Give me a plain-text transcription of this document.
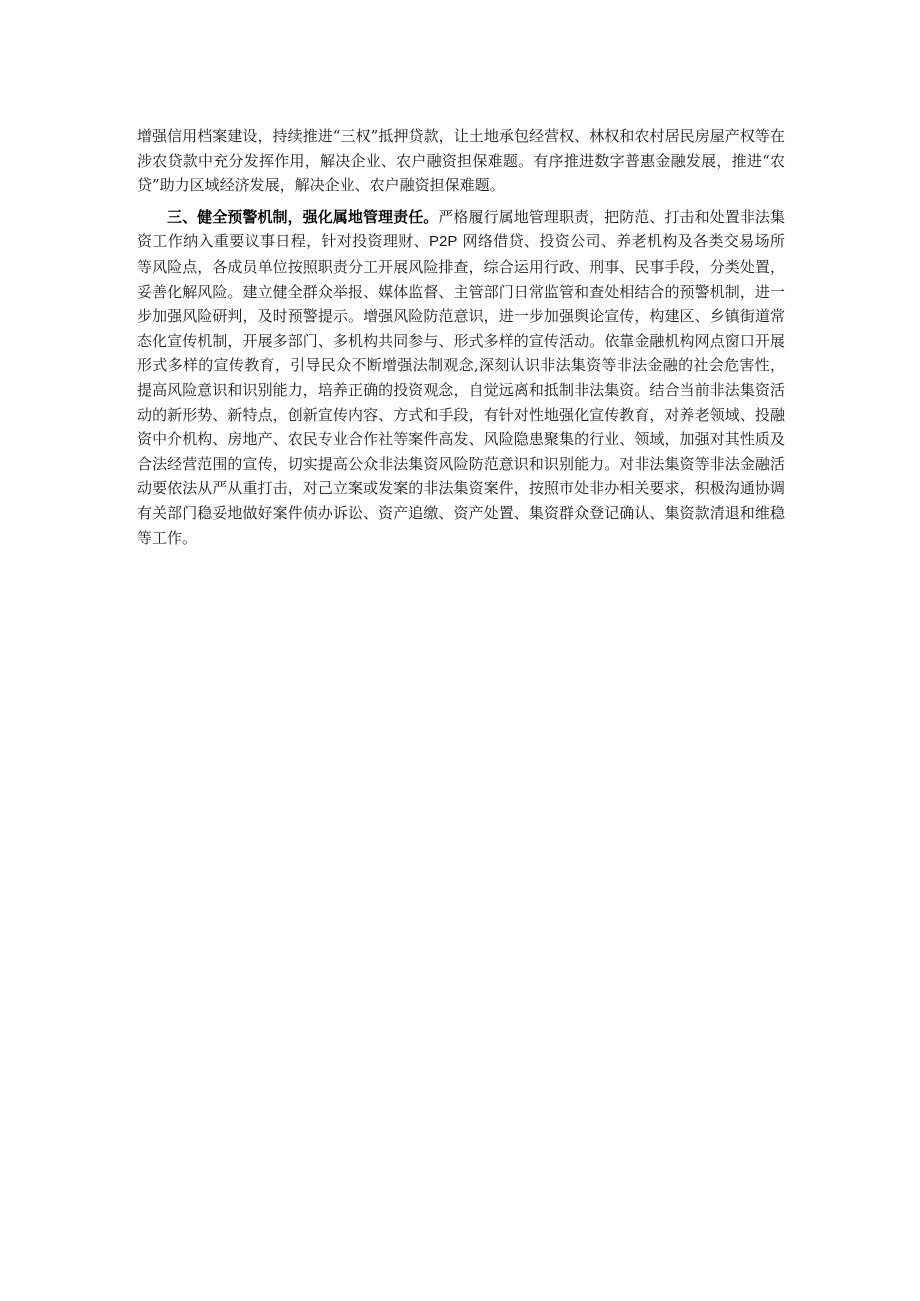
增强信用档案建设，持续推进“三权”抵押贷款，让土地承包经营权、林权和农村居民房屋产权等在涉农贷款中充分发挥作用，解决企业、农户融资担保难题。有序推进数字普惠金融发展，推进“农贷”助力区域经济发展，解决企业、农户融资担保难题。

三、健全预警机制，强化属地管理责任。严格履行属地管理职责，把防范、打击和处置非法集资工作纳入重要议事日程，针对投资理财、P2P 网络借贷、投资公司、养老机构及各类交易场所等风险点，各成员单位按照职责分工开展风险排查，综合运用行政、刑事、民事手段，分类处置，妥善化解风险。建立健全群众举报、媒体监督、主管部门日常监管和查处相结合的预警机制，进一步加强风险研判，及时预警提示。增强风险防范意识，进一步加强舆论宣传，构建区、乡镇街道常态化宣传机制，开展多部门、多机构共同参与、形式多样的宣传活动。依靠金融机构网点窗口开展形式多样的宣传教育，引导民众不断增强法制观念,深刻认识非法集资等非法金融的社会危害性，提高风险意识和识别能力，培养正确的投资观念，自觉远离和抵制非法集资。结合当前非法集资活动的新形势、新特点，创新宣传内容、方式和手段，有针对性地强化宣传教育，对养老领域、投融资中介机构、房地产、农民专业合作社等案件高发、风险隐患聚集的行业、领域，加强对其性质及合法经营范围的宣传，切实提高公众非法集资风险防范意识和识别能力。对非法集资等非法金融活动要依法从严从重打击，对己立案或发案的非法集资案件，按照市处非办相关要求，积极沟通协调有关部门稳妥地做好案件侦办诉讼、资产追缴、资产处置、集资群众登记确认、集资款清退和维稳等工作。
